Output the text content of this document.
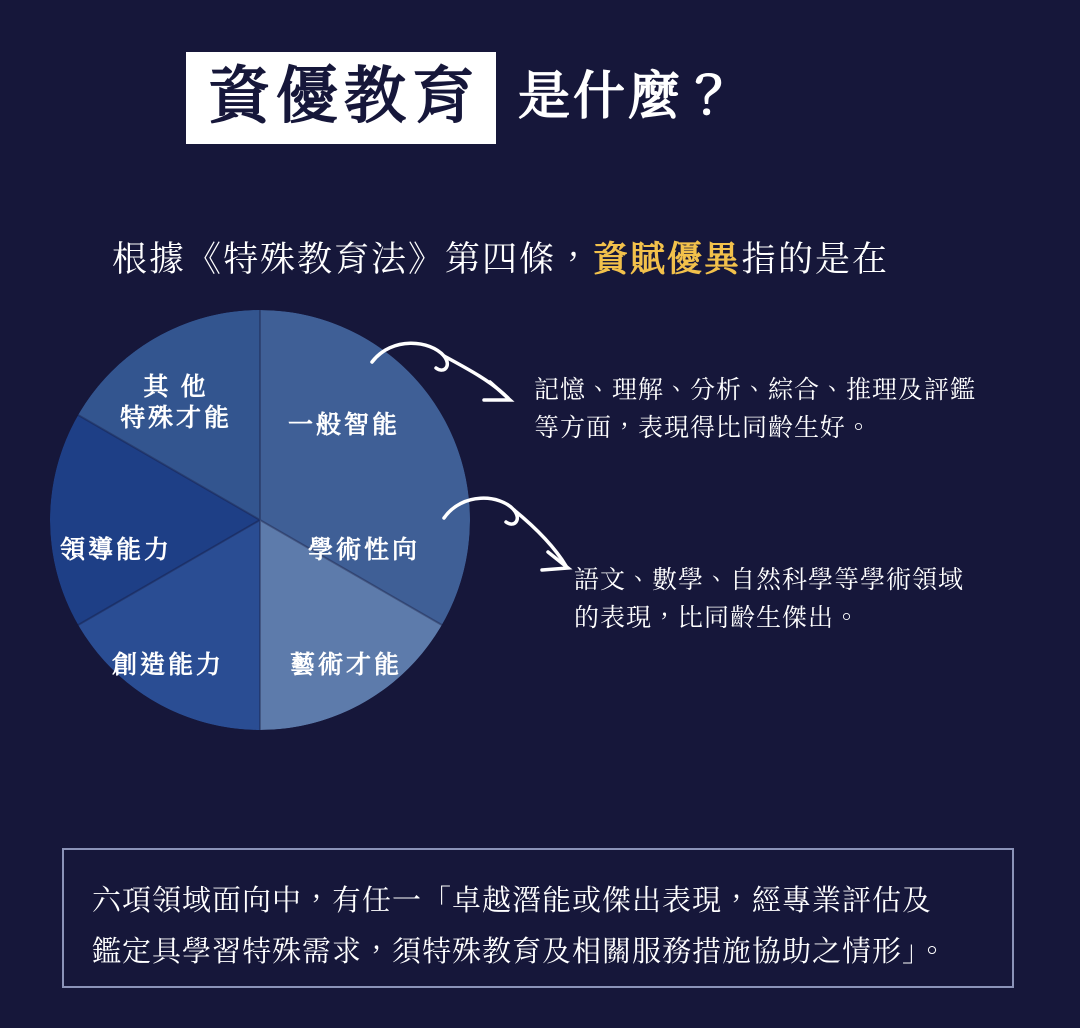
資優教育 是什麼？
根據《特殊教育法》第四條，資賦優異指的是在
一般智能
學術性向
藝術才能
創造能力
領導能力
其 他
特殊才能
記憶、理解、分析、綜合、推理及評鑑
等方面，表現得比同齡生好。
語文、數學、自然科學等學術領域
的表現，比同齡生傑出。
六項領域面向中，有任一「卓越潛能或傑出表現，經專業評估及
鑑定具學習特殊需求，須特殊教育及相關服務措施協助之情形」。
